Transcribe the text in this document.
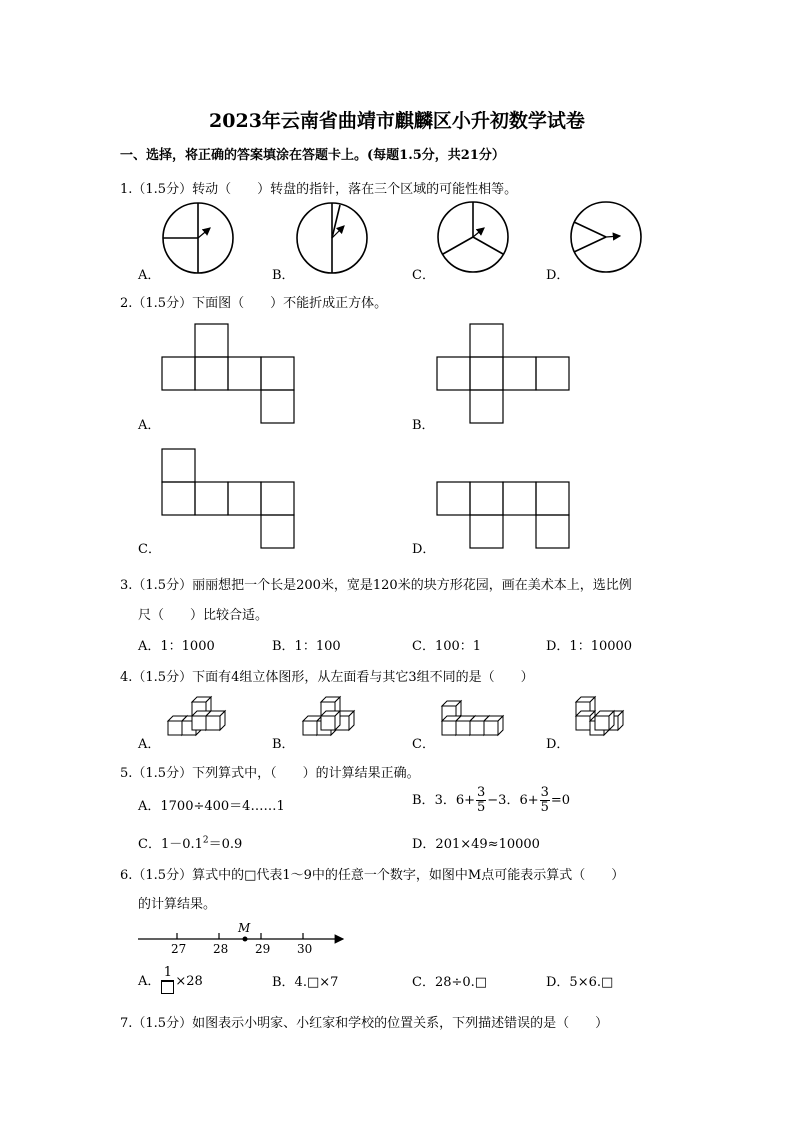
2023年云南省曲靖市麒麟区小升初数学试卷
一、选择，将正确的答案填涂在答题卡上。(每题1.5分，共21分）
1.（1.5分）转动（　　）转盘的指针，落在三个区域的可能性相等。
A．	B．	C．	D．
2.（1.5分）下面图（　　）不能折成正方体。
A．	B．
C．	D．
3.（1.5分）丽丽想把一个长是200米，宽是120米的块方形花园，画在美术本上，选比例
尺（　　）比较合适。
A．1：1000	B．1：100	C．100：1	D．1：10000
4.（1.5分）下面有4组立体图形，从左面看与其它3组不同的是（　　）
A．	B．	C．	D．
5.（1.5分）下列算式中，（　　）的计算结果正确。
A．1700÷400＝4……1	B．3．$6+ \frac{3}{5} -3$．$6+ \frac{3}{5} =0$
C．$1-0.1^2=0.9$	D．201×49≈10000
6.（1.5分）算式中的□代表1～9中的任意一个数字，如图中M点可能表示算式（　　）
的计算结果。
27 28 29 30
M
A．
1
×28	B．4.□×7	C．28÷0.□	D．5×6.□
7.（1.5分）如图表示小明家、小红家和学校的位置关系，下列描述错误的是（　　）
